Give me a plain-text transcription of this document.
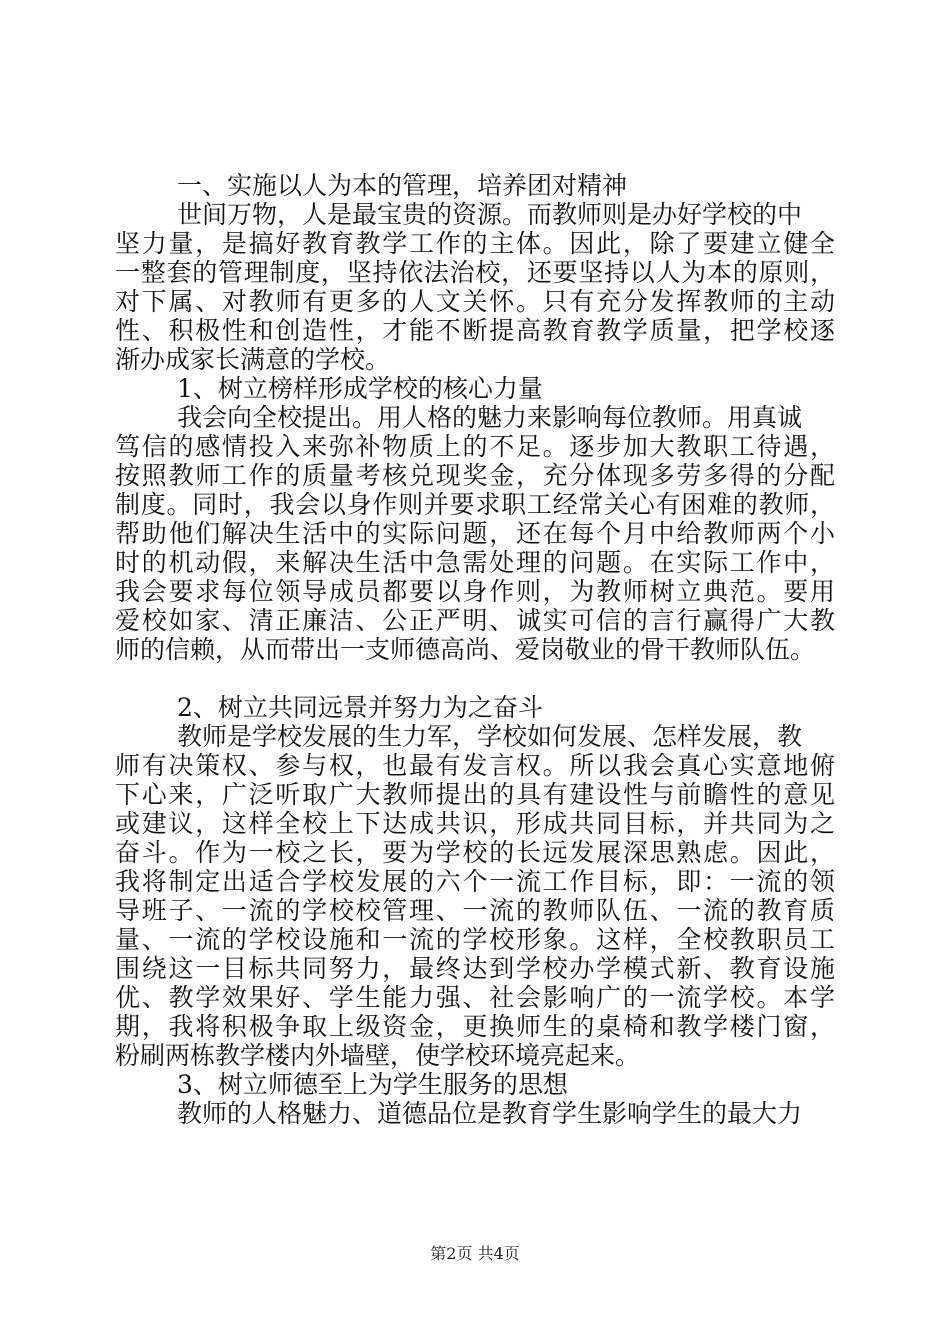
一、实施以人为本的管理，培养团对精神
世间万物，人是最宝贵的资源。而教师则是办好学校的中
坚力量，是搞好教育教学工作的主体。因此，除了要建立健全
一整套的管理制度，坚持依法治校，还要坚持以人为本的原则，
对下属、对教师有更多的人文关怀。只有充分发挥教师的主动
性、积极性和创造性，才能不断提高教育教学质量，把学校逐
渐办成家长满意的学校。
1、树立榜样形成学校的核心力量
我会向全校提出。用人格的魅力来影响每位教师。用真诚
笃信的感情投入来弥补物质上的不足。逐步加大教职工待遇，
按照教师工作的质量考核兑现奖金，充分体现多劳多得的分配
制度。同时，我会以身作则并要求职工经常关心有困难的教师，
帮助他们解决生活中的实际问题，还在每个月中给教师两个小
时的机动假，来解决生活中急需处理的问题。在实际工作中，
我会要求每位领导成员都要以身作则，为教师树立典范。要用
爱校如家、清正廉洁、公正严明、诚实可信的言行赢得广大教
师的信赖，从而带出一支师德高尚、爱岗敬业的骨干教师队伍。
2、树立共同远景并努力为之奋斗
教师是学校发展的生力军，学校如何发展、怎样发展，教
师有决策权、参与权，也最有发言权。所以我会真心实意地俯
下心来，广泛听取广大教师提出的具有建设性与前瞻性的意见
或建议，这样全校上下达成共识，形成共同目标，并共同为之
奋斗。作为一校之长，要为学校的长远发展深思熟虑。因此，
我将制定出适合学校发展的六个一流工作目标，即：一流的领
导班子、一流的学校校管理、一流的教师队伍、一流的教育质
量、一流的学校设施和一流的学校形象。这样，全校教职员工
围绕这一目标共同努力，最终达到学校办学模式新、教育设施
优、教学效果好、学生能力强、社会影响广的一流学校。本学
期，我将积极争取上级资金，更换师生的桌椅和教学楼门窗，
粉刷两栋教学楼内外墙壁，使学校环境亮起来。
3、树立师德至上为学生服务的思想
教师的人格魅力、道德品位是教育学生影响学生的最大力
第2页 共4页
